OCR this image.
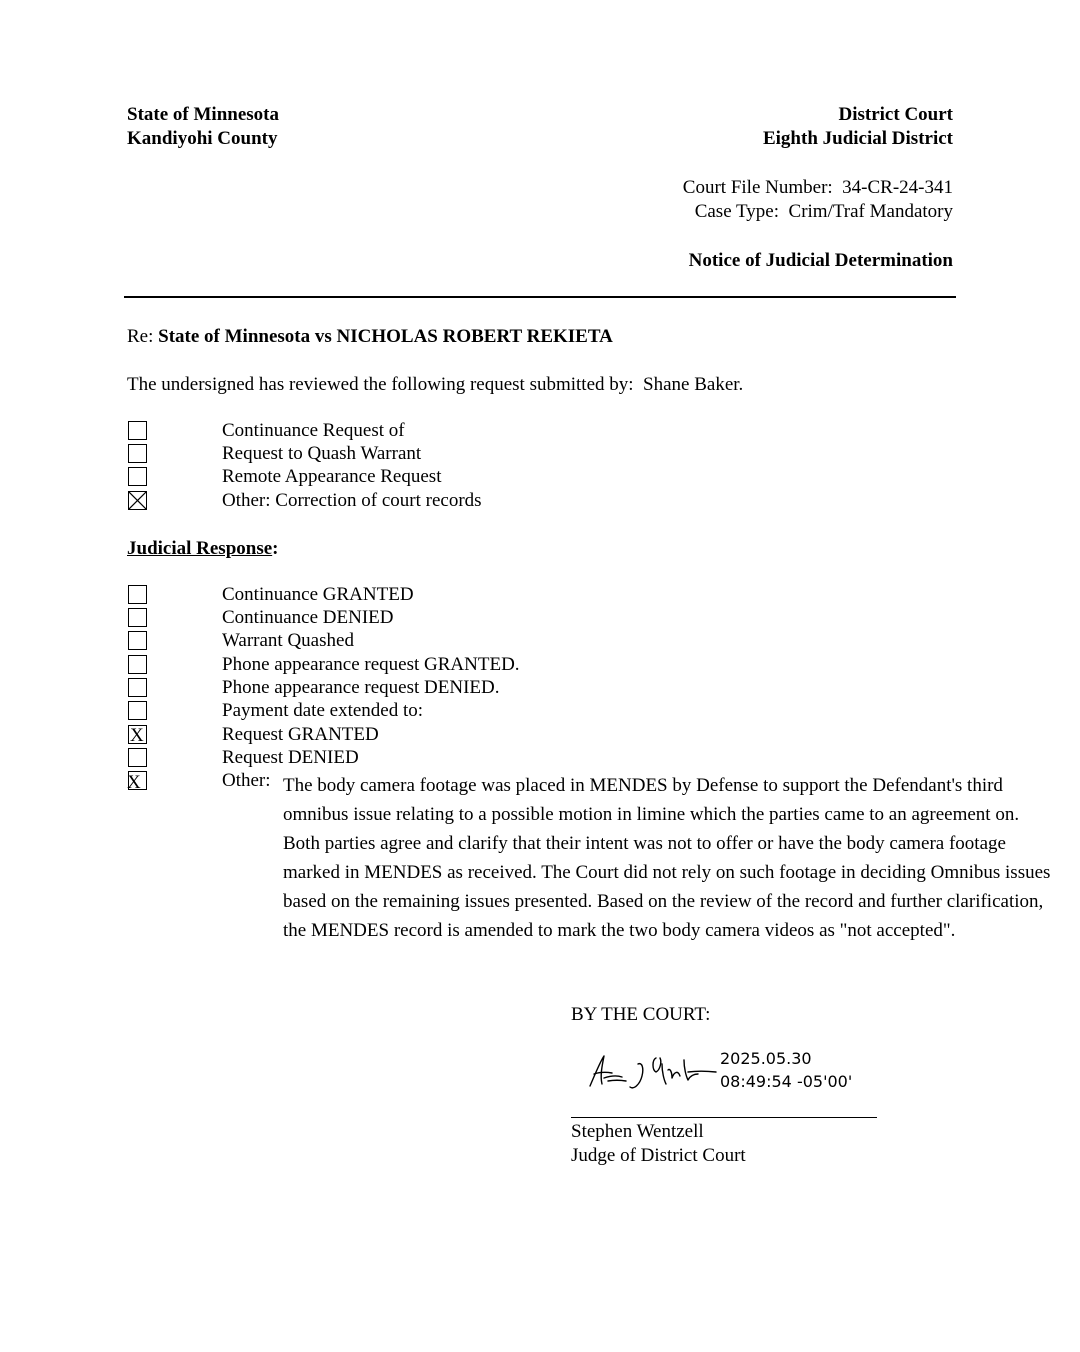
State of Minnesota
Kandiyohi County
District Court
Eighth Judicial District
Court File Number:  34-CR-24-341
Case Type:  Crim/Traf Mandatory
Notice of Judicial Determination
Re: State of Minnesota vs NICHOLAS ROBERT REKIETA
The undersigned has reviewed the following request submitted by:  Shane Baker.
Continuance Request of
Request to Quash Warrant
Remote Appearance Request
Other: Correction of court records
Judicial Response:
Continuance GRANTED
Continuance DENIED
Warrant Quashed
Phone appearance request GRANTED.
Phone appearance request DENIED.
Payment date extended to:
X	Request GRANTED
Request DENIED
X	Other: The body camera footage was placed in MENDES by Defense to support the Defendant's third omnibus issue relating to a possible motion in limine which the parties came to an agreement on. Both parties agree and clarify that their intent was not to offer or have the body camera footage marked in MENDES as received. The Court did not rely on such footage in deciding Omnibus issues based on the remaining issues presented. Based on the review of the record and further clarification, the MENDES record is amended to mark the two body camera videos as "not accepted".
BY THE COURT:
2025.05.30
08:49:54 -05'00'
Stephen Wentzell
Judge of District Court
